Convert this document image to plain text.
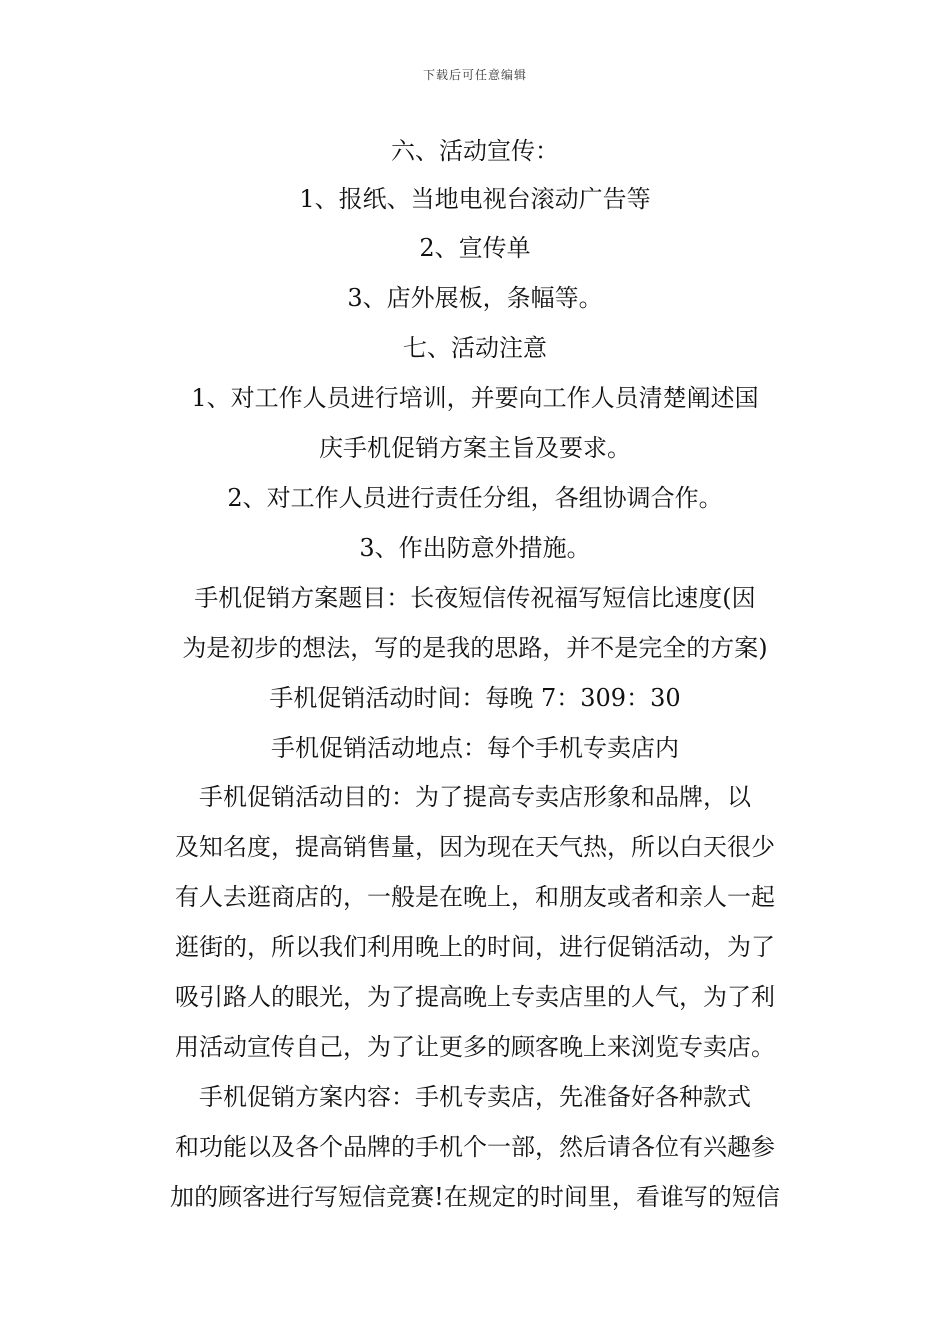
下载后可任意编辑

六、活动宣传：

1、报纸、当地电视台滚动广告等

2、宣传单

3、店外展板，条幅等。

七、活动注意

1、对工作人员进行培训，并要向工作人员清楚阐述国

庆手机促销方案主旨及要求。

2、对工作人员进行责任分组，各组协调合作。

3、作出防意外措施。

手机促销方案题目：长夜短信传祝福写短信比速度(因

为是初步的想法，写的是我的思路，并不是完全的方案)

手机促销活动时间：每晚 7：309：30

手机促销活动地点：每个手机专卖店内

手机促销活动目的：为了提高专卖店形象和品牌，以

及知名度，提高销售量，因为现在天气热，所以白天很少

有人去逛商店的，一般是在晚上，和朋友或者和亲人一起

逛街的，所以我们利用晚上的时间，进行促销活动，为了

吸引路人的眼光，为了提高晚上专卖店里的人气，为了利

用活动宣传自己，为了让更多的顾客晚上来浏览专卖店。

手机促销方案内容：手机专卖店，先准备好各种款式

和功能以及各个品牌的手机个一部，然后请各位有兴趣参

加的顾客进行写短信竞赛!在规定的时间里，看谁写的短信
